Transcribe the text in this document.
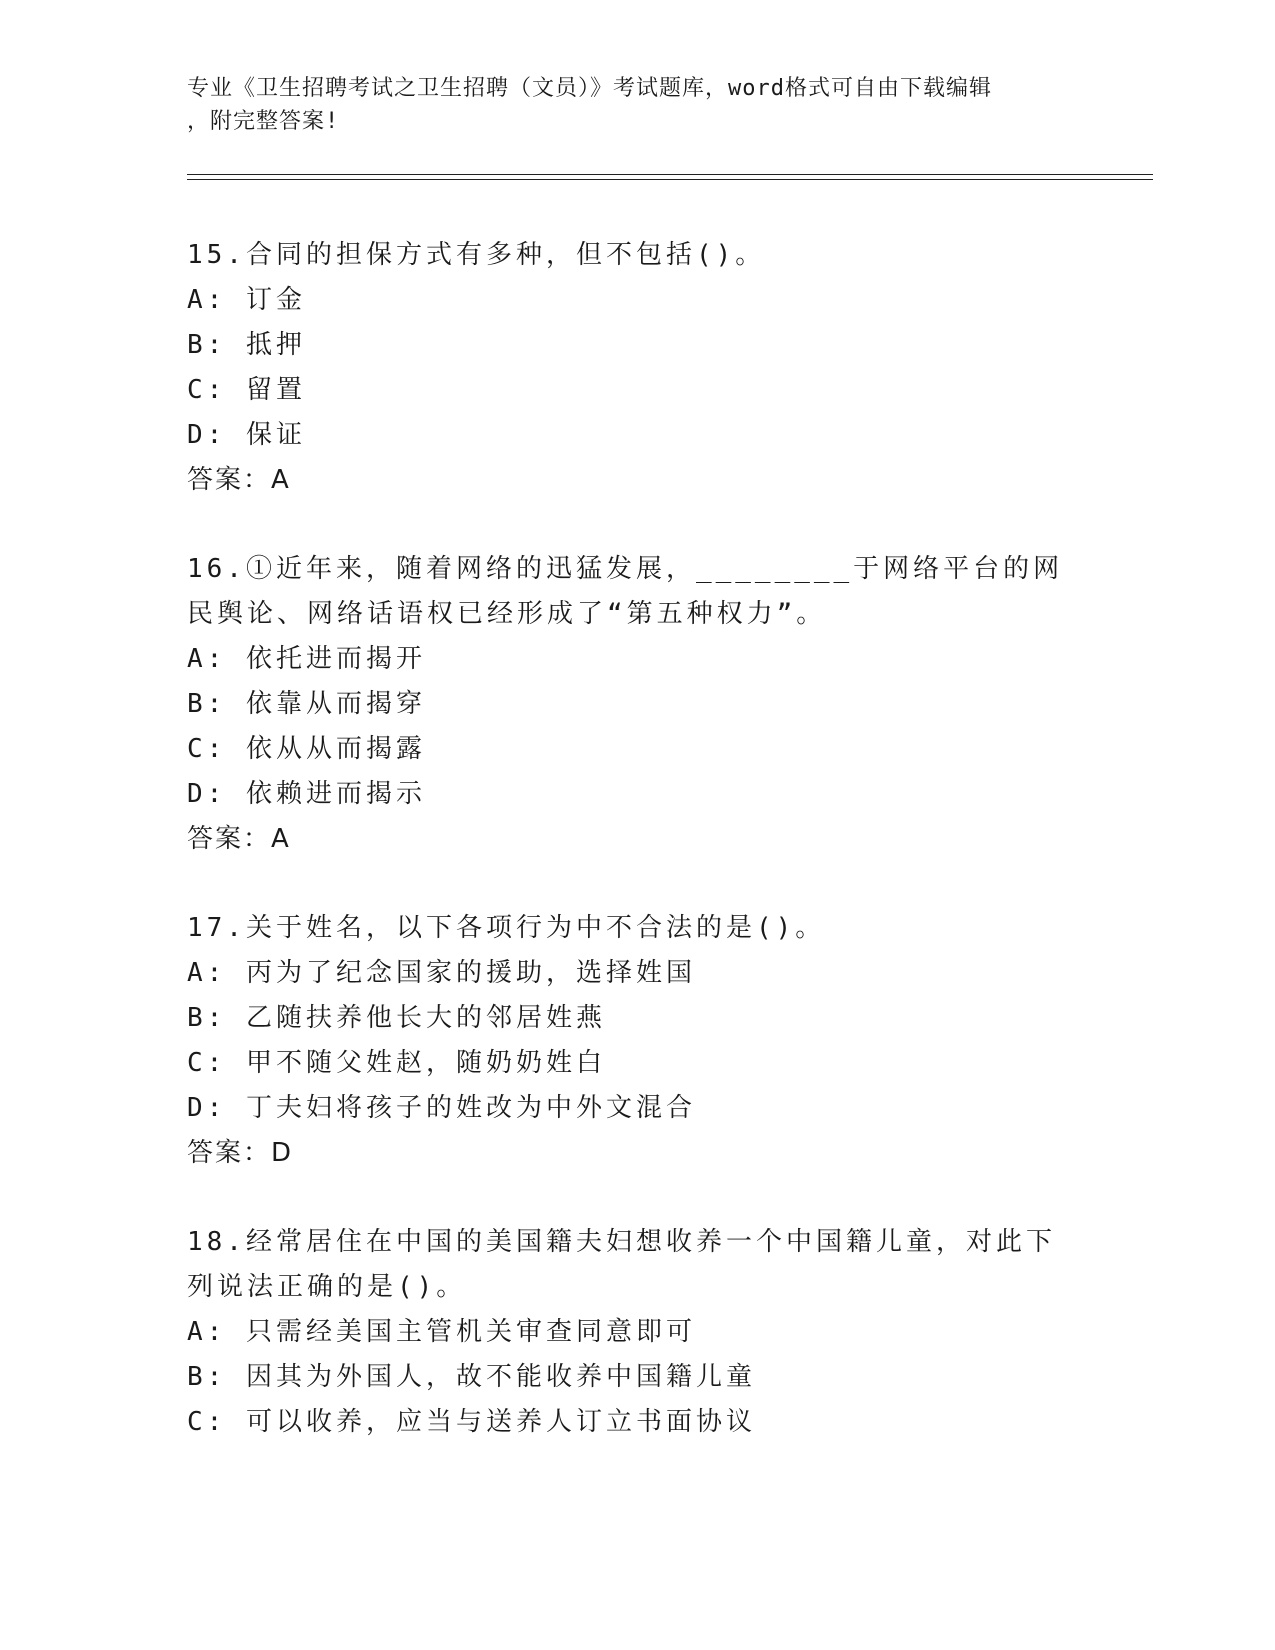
专业《卫生招聘考试之卫生招聘（文员）》考试题库，word格式可自由下载编辑
，附完整答案!
15.合同的担保方式有多种，但不包括()。
A: 订金
B: 抵押
C: 留置
D: 保证
答案：A
16.①近年来，随着网络的迅猛发展，________于网络平台的网民舆论、网络话语权已经形成了“第五种权力”。
A: 依托进而揭开
B: 依靠从而揭穿
C: 依从从而揭露
D: 依赖进而揭示
答案：A
17.关于姓名，以下各项行为中不合法的是()。
A: 丙为了纪念国家的援助，选择姓国
B: 乙随扶养他长大的邻居姓燕
C: 甲不随父姓赵，随奶奶姓白
D: 丁夫妇将孩子的姓改为中外文混合
答案：D
18.经常居住在中国的美国籍夫妇想收养一个中国籍儿童，对此下列说法正确的是()。
A: 只需经美国主管机关审查同意即可
B: 因其为外国人，故不能收养中国籍儿童
C: 可以收养，应当与送养人订立书面协议
